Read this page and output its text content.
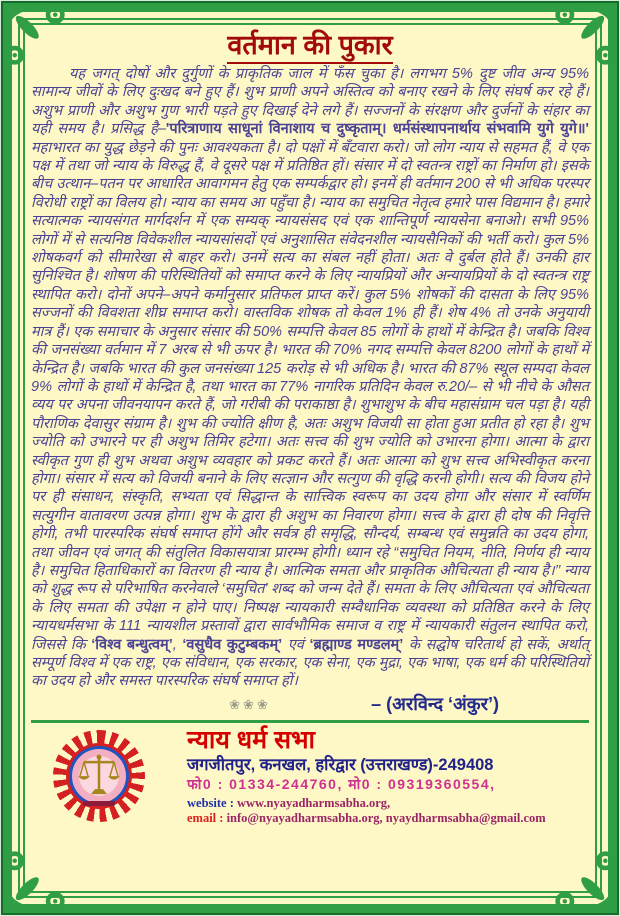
वर्तमान की पुकार

यह जगत् दोषों और दुर्गुणों के प्राकृतिक जाल में फँस चुका है। लगभग 5% दुष्ट जीव अन्य 95% सामान्य जीवों के लिए दुःखद बने हुए हैं। शुभ प्राणी अपने अस्तित्व को बनाए रखने के लिए संघर्ष कर रहे हैं। अशुभ प्राणी और अशुभ गुण भारी पड़ते हुए दिखाई देने लगे हैं। सज्जनों के संरक्षण और दुर्जनों के संहार का यही समय है। प्रसिद्ध है–'परित्राणाय साधूनां विनाशाय च दुष्कृताम्। धर्मसंस्थापनार्थाय संभवामि युगे युगे॥' महाभारत का युद्ध छेड़ने की पुनः आवश्यकता है। दो पक्षों में बँटवारा करो। जो लोग न्याय से सहमत हैं, वे एक पक्ष में तथा जो न्याय के विरुद्ध हैं, वे दूसरे पक्ष में प्रतिष्ठित हों। संसार में दो स्वतन्त्र राष्ट्रों का निर्माण हो। इसके बीच उत्थान–पतन पर आधारित आवागमन हेतु एक सम्पर्कद्वार हो। इनमें ही वर्तमान 200 से भी अधिक परस्पर विरोधी राष्ट्रों का विलय हो। न्याय का समय आ पहुँचा है। न्याय का समुचित नेतृत्व हमारे पास विद्यमान है। हमारे सत्यात्मक न्यायसंगत मार्गदर्शन में एक सम्यक् न्यायसंसद एवं एक शान्तिपूर्ण न्यायसेना बनाओ। सभी 95% लोगों में से सत्यनिष्ठ विवेकशील न्यायसांसदों एवं अनुशासित संवेदनशील न्यायसैनिकों की भर्ती करो। कुल 5% शोषकवर्ग को सीमारेखा से बाहर करो। उनमें सत्य का संबल नहीं होता। अतः वे दुर्बल होते हैं। उनकी हार सुनिश्चित है। शोषण की परिस्थितियों को समाप्त करने के लिए न्यायप्रियों और अन्यायप्रियों के दो स्वतन्त्र राष्ट्र स्थापित करो। दोनों अपने–अपने कर्मानुसार प्रतिफल प्राप्त करें। कुल 5% शोषकों की दासता के लिए 95% सज्जनों की विवशता शीघ्र समाप्त करो। वास्तविक शोषक तो केवल 1% ही हैं। शेष 4% तो उनके अनुयायी मात्र हैं। एक समाचार के अनुसार संसार की 50% सम्पत्ति केवल 85 लोगों के हाथों में केन्द्रित है। जबकि विश्व की जनसंख्या वर्तमान में 7 अरब से भी ऊपर है। भारत की 70% नगद सम्पत्ति केवल 8200 लोगों के हाथों में केन्द्रित है। जबकि भारत की कुल जनसंख्या 125 करोड़ से भी अधिक है। भारत की 87% स्थूल सम्पदा केवल 9% लोगों के हाथों में केन्द्रित है, तथा भारत का 77% नागरिक प्रतिदिन केवल रु.20/– से भी नीचे के औसत व्यय पर अपना जीवनयापन करते हैं, जो गरीबी की पराकाष्ठा है। शुभाशुभ के बीच महासंग्राम चल पड़ा है। यही पौराणिक देवासुर संग्राम है। शुभ की ज्योति क्षीण है, अतः अशुभ विजयी सा होता हुआ प्रतीत हो रहा है। शुभ ज्योति को उभारने पर ही अशुभ तिमिर हटेगा। अतः सत्त्व की शुभ ज्योति को उभारना होगा। आत्मा के द्वारा स्वीकृत गुण ही शुभ अथवा अशुभ व्यवहार को प्रकट करते हैं। अतः आत्मा को शुभ सत्त्व अभिस्वीकृत करना होगा। संसार में सत्य को विजयी बनाने के लिए सत्ज्ञान और सत्गुण की वृद्धि करनी होगी। सत्य की विजय होने पर ही संसाधन, संस्कृति, सभ्यता एवं सिद्धान्त के सात्त्विक स्वरूप का उदय होगा और संसार में स्वर्णिम सत्युगीन वातावरण उत्पन्न होगा। शुभ के द्वारा ही अशुभ का निवारण होगा। सत्त्व के द्वारा ही दोष की निवृत्ति होगी, तभी पारस्परिक संघर्ष समाप्त होंगे और सर्वत्र ही समृद्धि, सौन्दर्य, सम्बन्ध एवं समुन्नति का उदय होगा, तथा जीवन एवं जगत् की संतुलित विकासयात्रा प्रारम्भ होगी। ध्यान रहे “समुचित नियम, नीति, निर्णय ही न्याय है। समुचित हिताधिकारों का वितरण ही न्याय है। आत्मिक समता और प्राकृतिक औचित्यता ही न्याय है।’’ न्याय को शुद्ध रूप से परिभाषित करनेवाले ‘समुचित’ शब्द को जन्म देते हैं। समता के लिए औचित्यता एवं औचित्यता के लिए समता की उपेक्षा न होने पाए। निष्पक्ष न्यायकारी सम्वैधानिक व्यवस्था को प्रतिष्ठित करने के लिए न्यायधर्मसभा के 111 न्यायशील प्रस्तावों द्वारा सार्वभौमिक समाज व राष्ट्र में न्यायकारी संतुलन स्थापित करो, जिससे कि ‘विश्व बन्धुत्वम्’, ‘वसुधैव कुटुम्बकम्’ एवं ‘ब्रह्माण्ड मण्डलम्’ के सद्घोष चरितार्थ हो सकें, अर्थात् सम्पूर्ण विश्व में एक राष्ट्र, एक संविधान, एक सरकार, एक सेना, एक मुद्रा, एक भाषा, एक धर्म की परिस्थितियों का उदय हो और समस्त पारस्परिक संघर्ष समाप्त हों।

❀❀❀	– (अरविन्द ‘अंकुर’)
न्याय धर्म सभा
जगजीतपुर, कनखल, हरिद्वार (उत्तराखण्ड)-249408
फो0 : 01334-244760, मो0 : 09319360554,
website : www.nyayadharmsabha.org,
email : info@nyayadharmsabha.org, nyaydharmsabha@gmail.com
